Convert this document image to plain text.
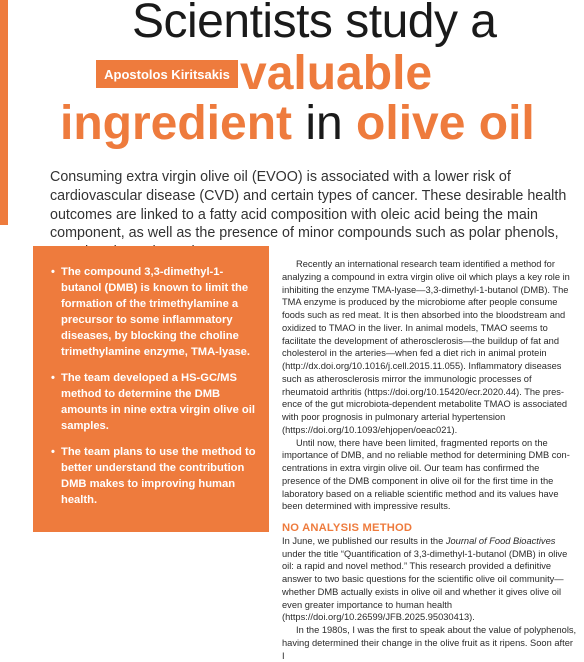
Scientists study a
Apostolos Kiritsakis valuable
ingredient in olive oil
Consuming extra virgin olive oil (EVOO) is associated with a lower risk of cardiovascular disease (CVD) and certain types of cancer. These desirable health outcomes are linked to a fatty acid composition with oleic acid being the main component, as well as the presence of minor compounds such as polar phenols,
• The compound 3,3-dimethyl-1-butanol (DMB) is known to limit the formation of the trimethylamine a precursor to some inflammatory diseases, by blocking the choline trimethylamine enzyme, TMA-lyase.
• The team developed a HS-GC/MS method to determine the DMB amounts in nine extra virgin olive oil samples.
• The team plans to use the method to better understand the contribution DMB makes to improving human health.

Recently an international research team identified a method for analyzing a compound in extra virgin olive oil which plays a key role in inhibiting the enzyme TMA-lyase—3,3-dimethyl-1-butanol (DMB). The TMA enzyme is produced by the microbiome after people consume foods such as red meat. It is then absorbed into the bloodstream and oxidized to TMAO in the liver. In animal models, TMAO seems to facilitate the development of atherosclerosis—the buildup of fat and cholesterol in the arteries—when fed a diet rich in animal protein (http://dx.doi.org/10.1016/j.cell.2015.11.055). Inflammatory diseases such as atherosclerosis mirror the immunologic processes of rheumatoid arthritis (https://doi.org/10.15420/ecr.2020.44). The presence of the gut microbiota-dependent metabolite TMAO is associated with poor prognosis in pulmonary arterial hypertension (https://doi.org/10.1093/ehjopen/oeac021).

Until now, there have been limited, fragmented reports on the importance of DMB, and no reliable method for determining DMB concentrations in extra virgin olive oil. Our team has confirmed the presence of the DMB component in olive oil for the first time in the laboratory based on a reliable scientific method and its values have been determined with impressive results.

NO ANALYSIS METHOD

In June, we published our results in the Journal of Food Bioactives under the title “Quantification of 3,3-dimethyl-1-butanol (DMB) in olive oil: a rapid and novel method.” This research provided a definitive answer to two basic questions for the scientific olive oil community—whether DMB actually exists in olive oil and whether it gives olive oil even greater importance to human health (https://doi.org/10.26599/JFB.2025.95030413).

In the 1980s, I was the first to speak about the value of polyphenols, having determined their change in the olive fruit as it ripens. Soon after I
